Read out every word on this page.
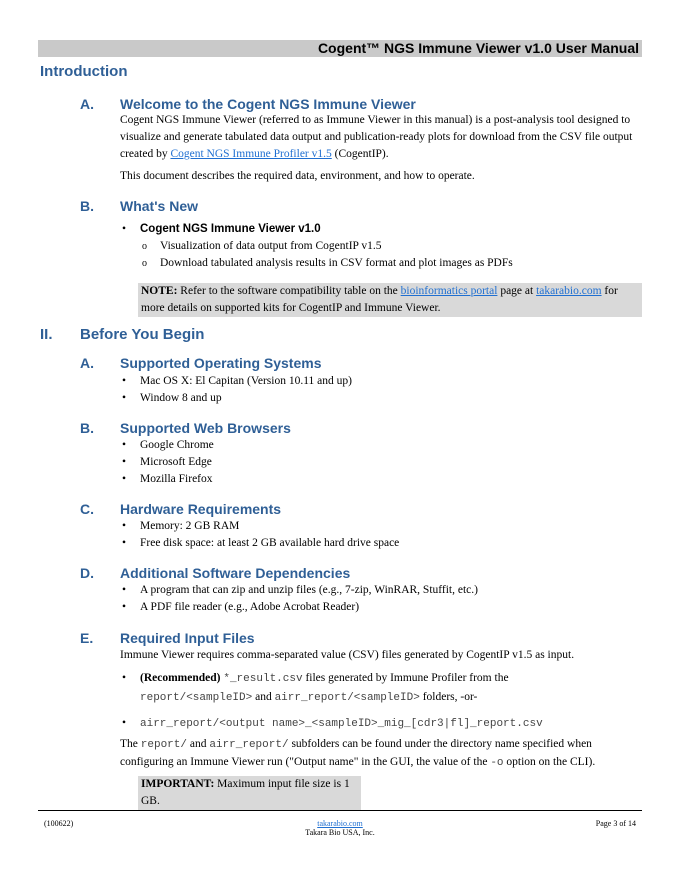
Cogent™ NGS Immune Viewer v1.0 User Manual
Introduction
A. Welcome to the Cogent NGS Immune Viewer
Cogent NGS Immune Viewer (referred to as Immune Viewer in this manual) is a post-analysis tool designed to visualize and generate tabulated data output and publication-ready plots for download from the CSV file output created by Cogent NGS Immune Profiler v1.5 (CogentIP).
This document describes the required data, environment, and how to operate.
B. What's New
• Cogent NGS Immune Viewer v1.0
o Visualization of data output from CogentIP v1.5
o Download tabulated analysis results in CSV format and plot images as PDFs
NOTE: Refer to the software compatibility table on the bioinformatics portal page at takarabio.com for more details on supported kits for CogentIP and Immune Viewer.
II. Before You Begin
A. Supported Operating Systems
• Mac OS X: El Capitan (Version 10.11 and up)
• Window 8 and up
B. Supported Web Browsers
• Google Chrome
• Microsoft Edge
• Mozilla Firefox
C. Hardware Requirements
• Memory: 2 GB RAM
• Free disk space: at least 2 GB available hard drive space
D. Additional Software Dependencies
• A program that can zip and unzip files (e.g., 7-zip, WinRAR, Stuffit, etc.)
• A PDF file reader (e.g., Adobe Acrobat Reader)
E. Required Input Files
Immune Viewer requires comma-separated value (CSV) files generated by CogentIP v1.5 as input.
• (Recommended) *_result.csv files generated by Immune Profiler from the
report/<sampleID> and airr_report/<sampleID> folders, -or-
• airr_report/<output name>_<sampleID>_mig_[cdr3|fl]_report.csv
The report/ and airr_report/ subfolders can be found under the directory name specified when configuring an Immune Viewer run ("Output name" in the GUI, the value of the -o option on the CLI).
IMPORTANT: Maximum input file size is 1 GB.
(100622)	takarabio.com
Takara Bio USA, Inc.
Page 3 of 14
